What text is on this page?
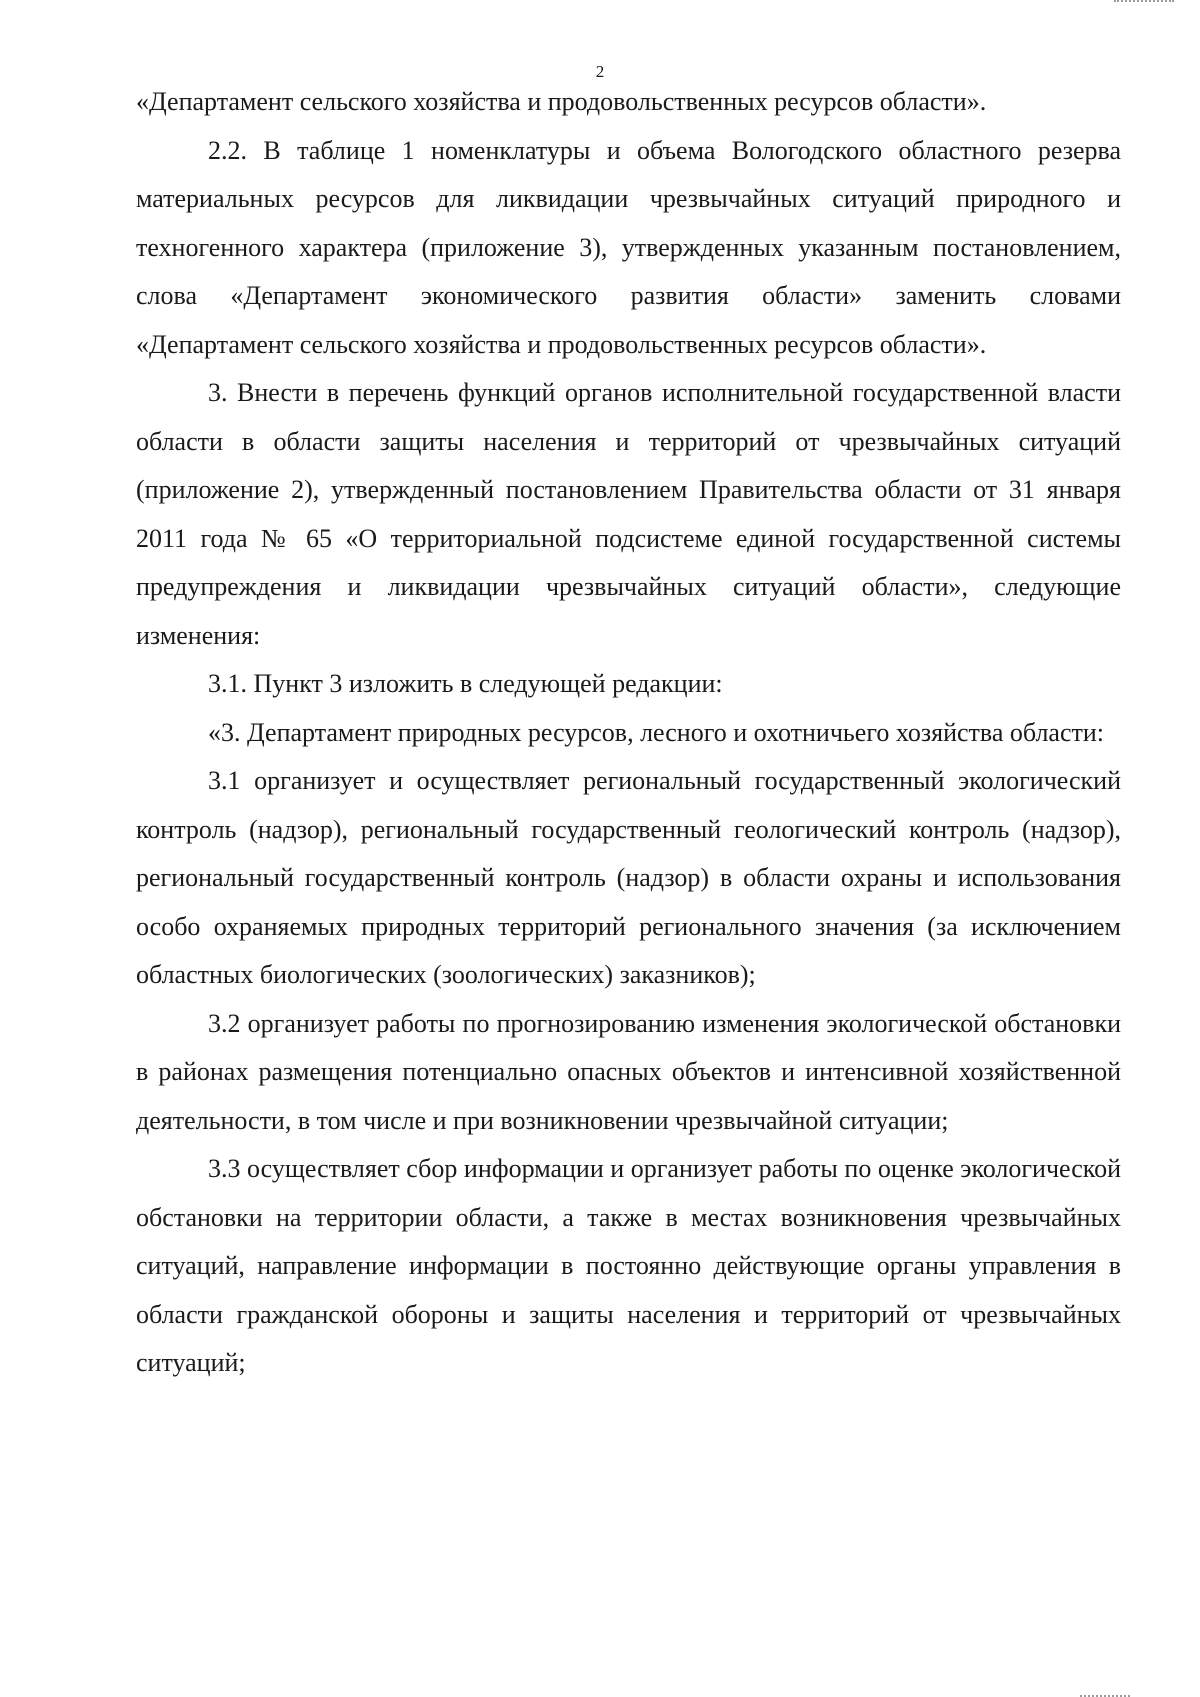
2

«Департамент сельского хозяйства и продовольственных ресурсов области».

2.2. В таблице 1 номенклатуры и объема Вологодского областного резерва материальных ресурсов для ликвидации чрезвычайных ситуаций природного и техногенного характера (приложение 3), утвержденных указанным постановлением, слова «Департамент экономического развития области» заменить словами «Департамент сельского хозяйства и продовольственных ресурсов области».

3. Внести в перечень функций органов исполнительной государственной власти области в области защиты населения и территорий от чрезвычайных ситуаций (приложение 2), утвержденный постановлением Правительства области от 31 января 2011 года № 65 «О территориальной подсистеме единой государственной системы предупреждения и ликвидации чрезвычайных ситуаций области», следующие изменения:

3.1. Пункт 3 изложить в следующей редакции:

«3. Департамент природных ресурсов, лесного и охотничьего хозяйства области:

3.1 организует и осуществляет региональный государственный экологический контроль (надзор), региональный государственный геологический контроль (надзор), региональный государственный контроль (надзор) в области охраны и использования особо охраняемых природных территорий регионального значения (за исключением областных биологических (зоологических) заказников);

3.2 организует работы по прогнозированию изменения экологической обстановки в районах размещения потенциально опасных объектов и интенсивной хозяйственной деятельности, в том числе и при возникновении чрезвычайной ситуации;

3.3 осуществляет сбор информации и организует работы по оценке экологической обстановки на территории области, а также в местах возникновения чрезвычайных ситуаций, направление информации в постоянно действующие органы управления в области гражданской обороны и защиты населения и территорий от чрезвычайных ситуаций;
